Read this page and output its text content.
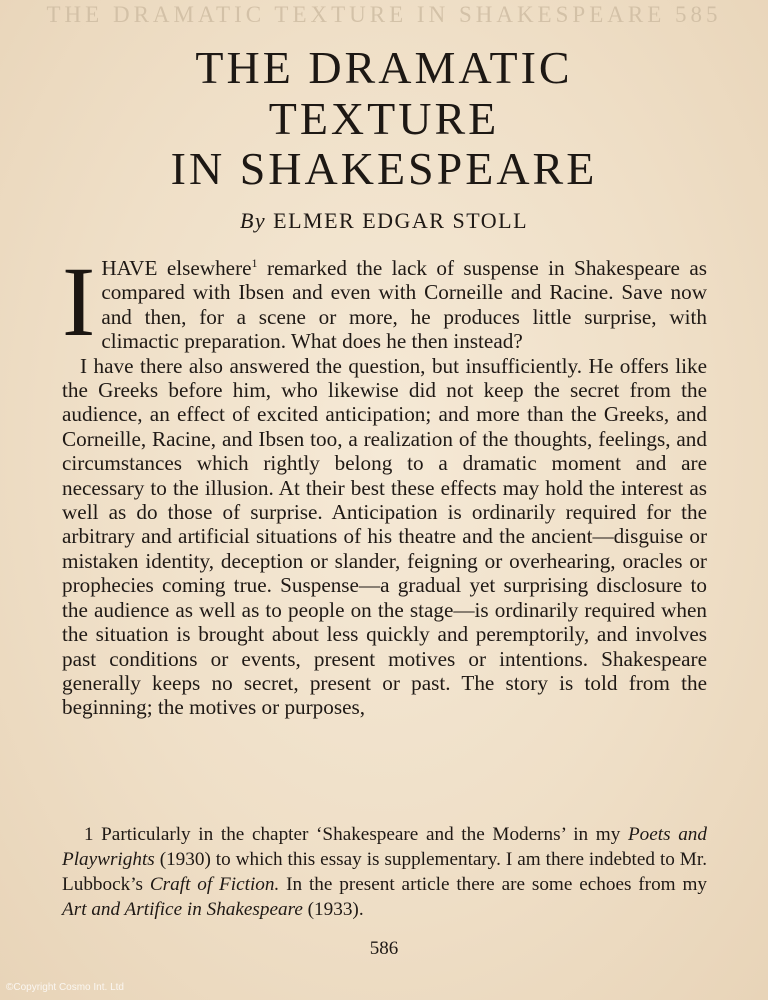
THE DRAMATIC TEXTURE IN SHAKESPEARE 585
THE DRAMATIC
TEXTURE
IN SHAKESPEARE
By ELMER EDGAR STOLL

IHAVE elsewhere$^1$ remarked the lack of suspense in Shakespeare as compared with Ibsen and even with Corneille and Racine. Save now and then, for a scene or more, he produces little surprise, with climactic preparation. What does he then instead?

I have there also answered the question, but insufficiently. He offers like the Greeks before him, who likewise did not keep the secret from the audience, an effect of excited anticipation; and more than the Greeks, and Corneille, Racine, and Ibsen too, a realization of the thoughts, feelings, and circumstances which rightly belong to a dramatic moment and are necessary to the illusion. At their best these effects may hold the interest as well as do those of surprise. Anticipation is ordinarily required for the arbitrary and artificial situations of his theatre and the ancient—disguise or mistaken identity, deception or slander, feigning or overhearing, oracles or prophecies coming true. Suspense—a gradual yet surprising disclosure to the audience as well as to people on the stage—is ordinarily required when the situation is brought about less quickly and peremptorily, and involves past conditions or events, present motives or intentions. Shakespeare generally keeps no secret, present or past. The story is told from the beginning; the motives or purposes,

1 Particularly in the chapter ‘Shakespeare and the Moderns’ in my Poets and Playwrights (1930) to which this essay is supplementary. I am there indebted to Mr. Lubbock’s Craft of Fiction. In the present article there are some echoes from my Art and Artifice in Shakespeare (1933).

586
©Copyright Cosmo Int. Ltd
